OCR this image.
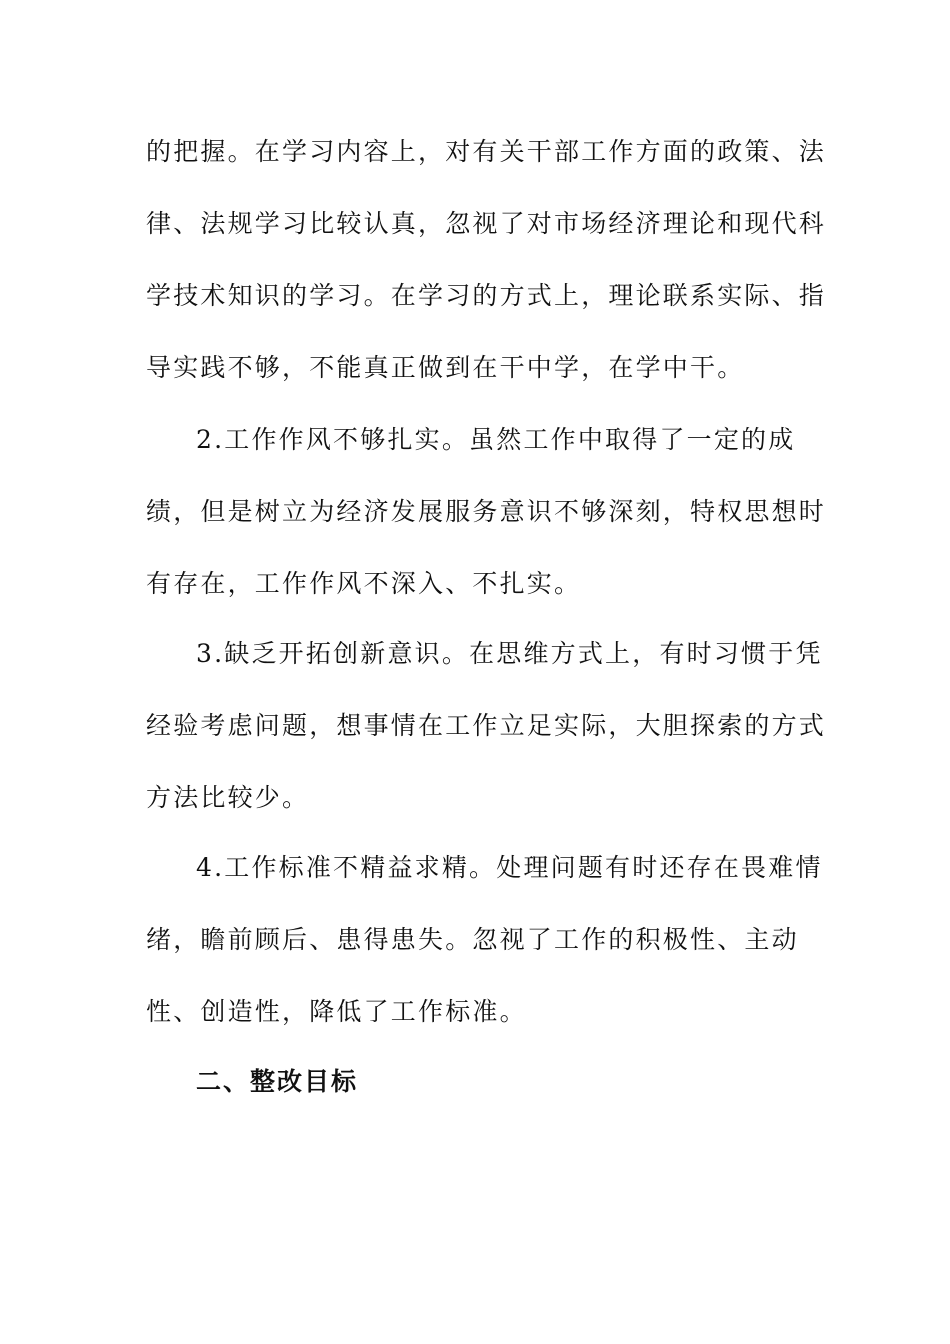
的把握。在学习内容上，对有关干部工作方面的政策、法
律、法规学习比较认真，忽视了对市场经济理论和现代科
学技术知识的学习。在学习的方式上，理论联系实际、指
导实践不够，不能真正做到在干中学，在学中干。
2.工作作风不够扎实。虽然工作中取得了一定的成
绩，但是树立为经济发展服务意识不够深刻，特权思想时
有存在，工作作风不深入、不扎实。
3.缺乏开拓创新意识。在思维方式上，有时习惯于凭
经验考虑问题，想事情在工作立足实际，大胆探索的方式
方法比较少。
4.工作标准不精益求精。处理问题有时还存在畏难情
绪，瞻前顾后、患得患失。忽视了工作的积极性、主动
性、创造性，降低了工作标准。
二、整改目标
